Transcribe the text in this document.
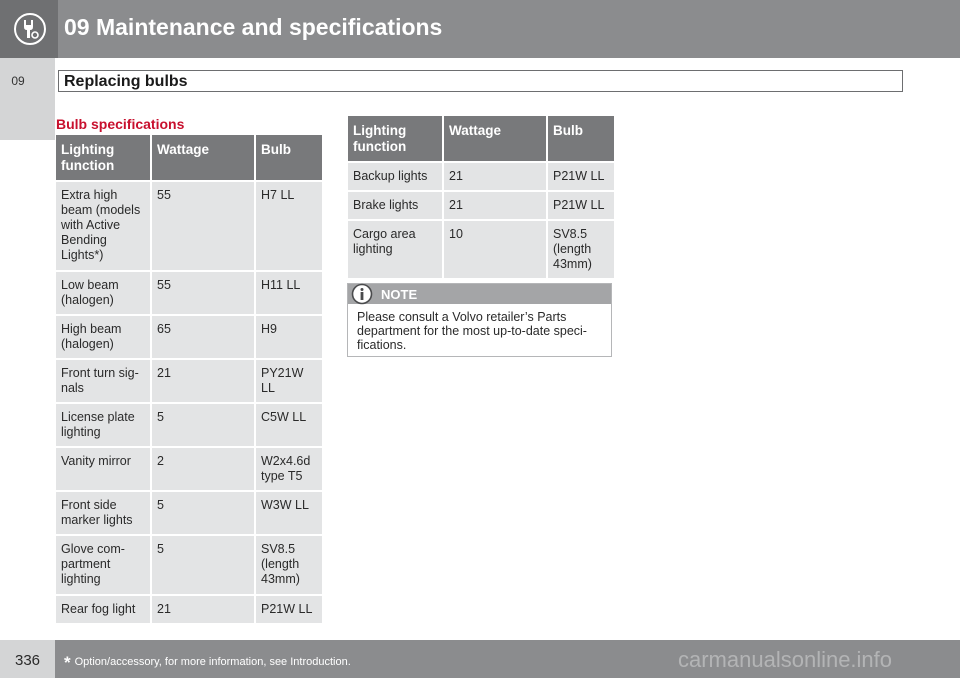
09 Maintenance and specifications
09	Replacing bulbs
Bulb specifications
Lighting function	Wattage	Bulb
Extra high beam (models with Active Bending Lights*)	55	H7 LL
Low beam (halogen)	55	H11 LL
High beam (halogen)	65	H9
Front turn sig- nals	21	PY21W LL
License plate lighting	5	C5W LL
Vanity mirror	2	W2x4.6d type T5
Front side marker lights	5	W3W LL
Glove com- partment lighting	5	SV8.5 (length 43mm)
Rear fog light	21	P21W LL
Lighting function	Wattage	Bulb
Backup lights	21	P21W LL
Brake lights	21	P21W LL
Cargo area lighting	10	SV8.5 (length 43mm)
NOTE
Please consult a Volvo retailer’s Parts department for the most up-to-date speci- fications.
336	* Option/accessory, for more information, see Introduction.	carmanualsonline.info
